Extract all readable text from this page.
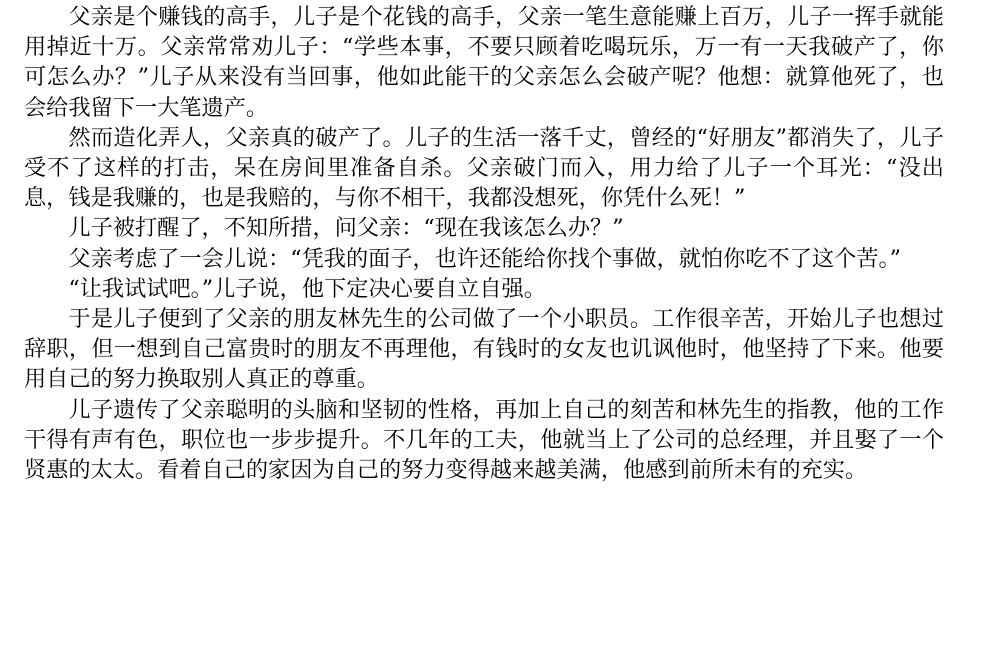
父亲是个赚钱的高手，儿子是个花钱的高手，父亲一笔生意能赚上百万，儿子一挥手就能用掉近十万。父亲常常劝儿子：“学些本事，不要只顾着吃喝玩乐，万一有一天我破产了，你可怎么办？”儿子从来没有当回事，他如此能干的父亲怎么会破产呢？他想：就算他死了，也会给我留下一大笔遗产。

然而造化弄人，父亲真的破产了。儿子的生活一落千丈，曾经的“好朋友”都消失了，儿子受不了这样的打击，呆在房间里准备自杀。父亲破门而入，用力给了儿子一个耳光：“没出息，钱是我赚的，也是我赔的，与你不相干，我都没想死，你凭什么死！”

儿子被打醒了，不知所措，问父亲：“现在我该怎么办？”

父亲考虑了一会儿说：“凭我的面子，也许还能给你找个事做，就怕你吃不了这个苦。”

“让我试试吧。”儿子说，他下定决心要自立自强。

于是儿子便到了父亲的朋友林先生的公司做了一个小职员。工作很辛苦，开始儿子也想过辞职，但一想到自己富贵时的朋友不再理他，有钱时的女友也讥讽他时，他坚持了下来。他要用自己的努力换取别人真正的尊重。

儿子遗传了父亲聪明的头脑和坚韧的性格，再加上自己的刻苦和林先生的指教，他的工作干得有声有色，职位也一步步提升。不几年的工夫，他就当上了公司的总经理，并且娶了一个贤惠的太太。看着自己的家因为自己的努力变得越来越美满，他感到前所未有的充实。
